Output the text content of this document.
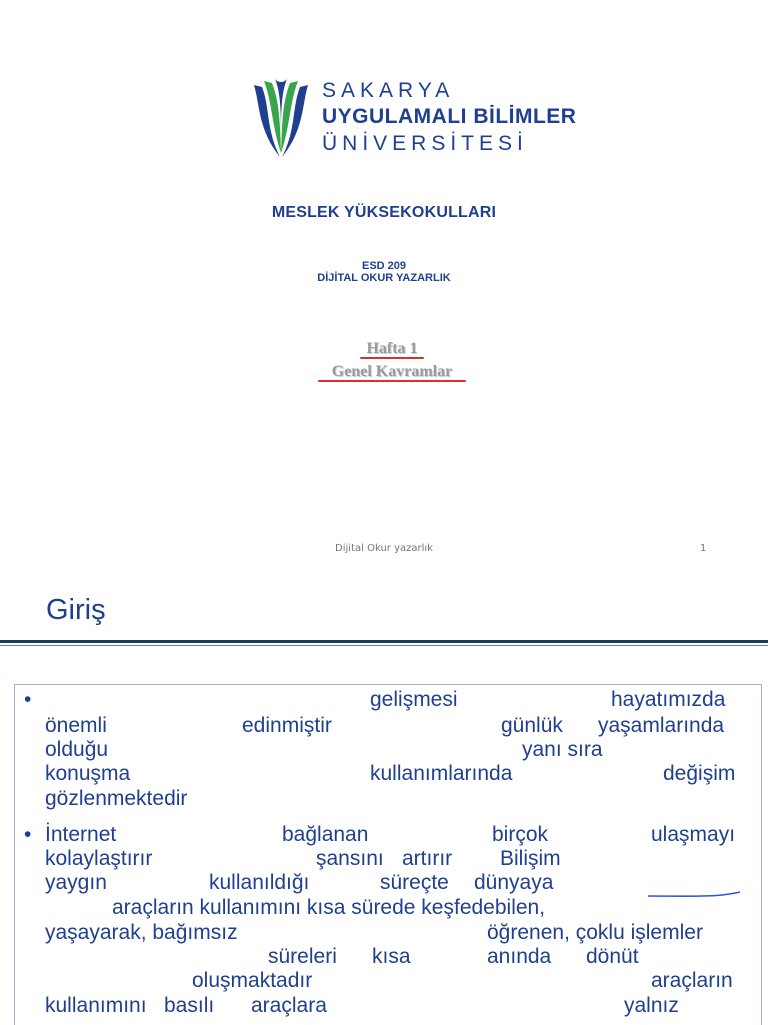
SAKARYA
UYGULAMALI BİLİMLER
ÜNİVERSİTESİ
MESLEK YÜKSEKOKULLARI
ESD 209
DİJİTAL OKUR YAZARLIK
Hafta 1
Genel Kavramlar
Dijital Okur yazarlık	1
Giriş
•	gelişmesi	hayatımızda
önemli	edinmiştir	günlük yaşamlarında
olduğu	yanı sıra
konuşma	kullanımlarında	değişim
gözlenmektedir
• İnternet	bağlanan	birçok	ulaşmayı
kolaylaştırır	şansını artırır Bilişim
yaygın	kullanıldığı	süreçte dünyaya
araçların kullanımını kısa sürede keşfedebilen,
yaşayarak, bağımsız	öğrenen, çoklu işlemler
süreleri kısa	anında dönüt
oluşmaktadır	araçların
kullanımını basılı araçlara	yalnız
